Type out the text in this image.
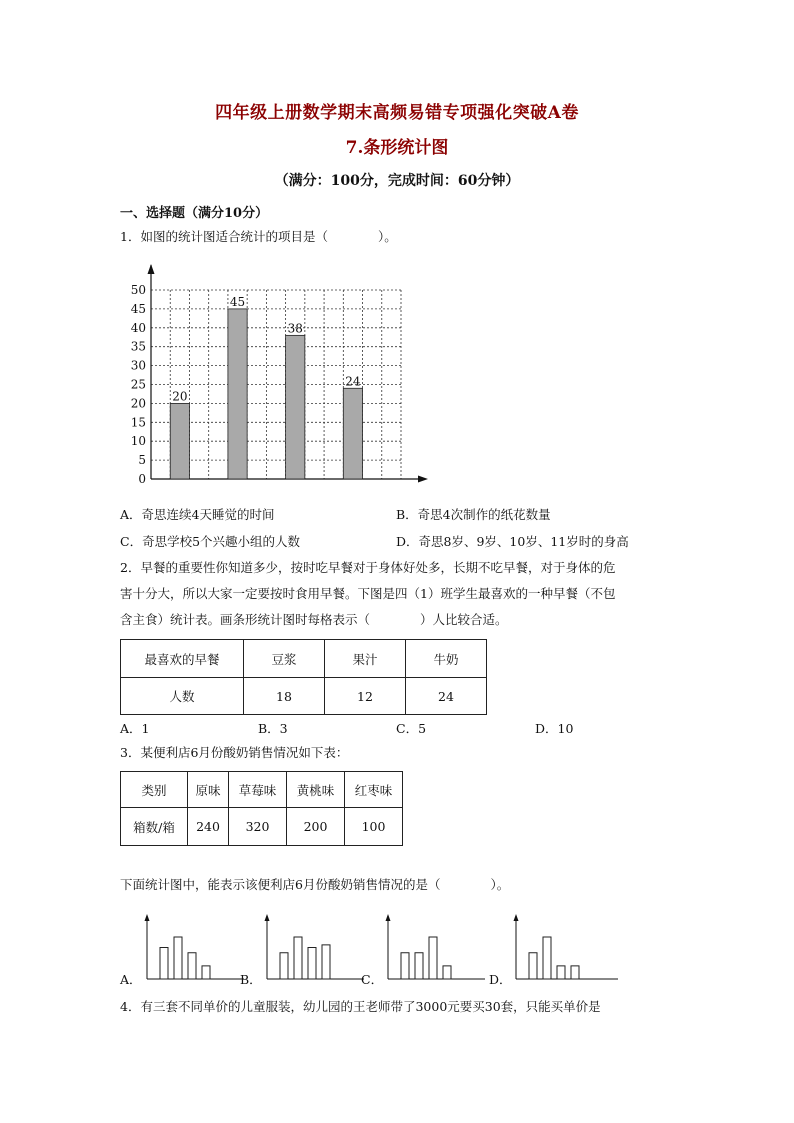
四年级上册数学期末高频易错专项强化突破A卷
7.条形统计图
（满分：100分，完成时间：60分钟）
一、选择题（满分10分）
1．如图的统计图适合统计的项目是（　　　　）。
0
5
10
15
20
25
30
35
40
45
50
20
45
38
24
A．奇思连续4天睡觉的时间	B．奇思4次制作的纸花数量
C．奇思学校5个兴趣小组的人数	D．奇思8岁、9岁、10岁、11岁时的身高
2．早餐的重要性你知道多少，按时吃早餐对于身体好处多，长期不吃早餐，对于身体的危
害十分大，所以大家一定要按时食用早餐。下图是四（1）班学生最喜欢的一种早餐（不包
含主食）统计表。画条形统计图时每格表示（　　　　）人比较合适。
最喜欢的早餐	豆浆	果汁	牛奶
人数	18	12	24
A．1	B．3	C．5	D．10
3．某便利店6月份酸奶销售情况如下表：
类别	原味	草莓味	黄桃味	红枣味
箱数/箱	240	320	200	100
下面统计图中，能表示该便利店6月份酸奶销售情况的是（　　　　）。
A．	B．	C．	D．
4．有三套不同单价的儿童服装，幼儿园的王老师带了3000元要买30套，只能买单价是
